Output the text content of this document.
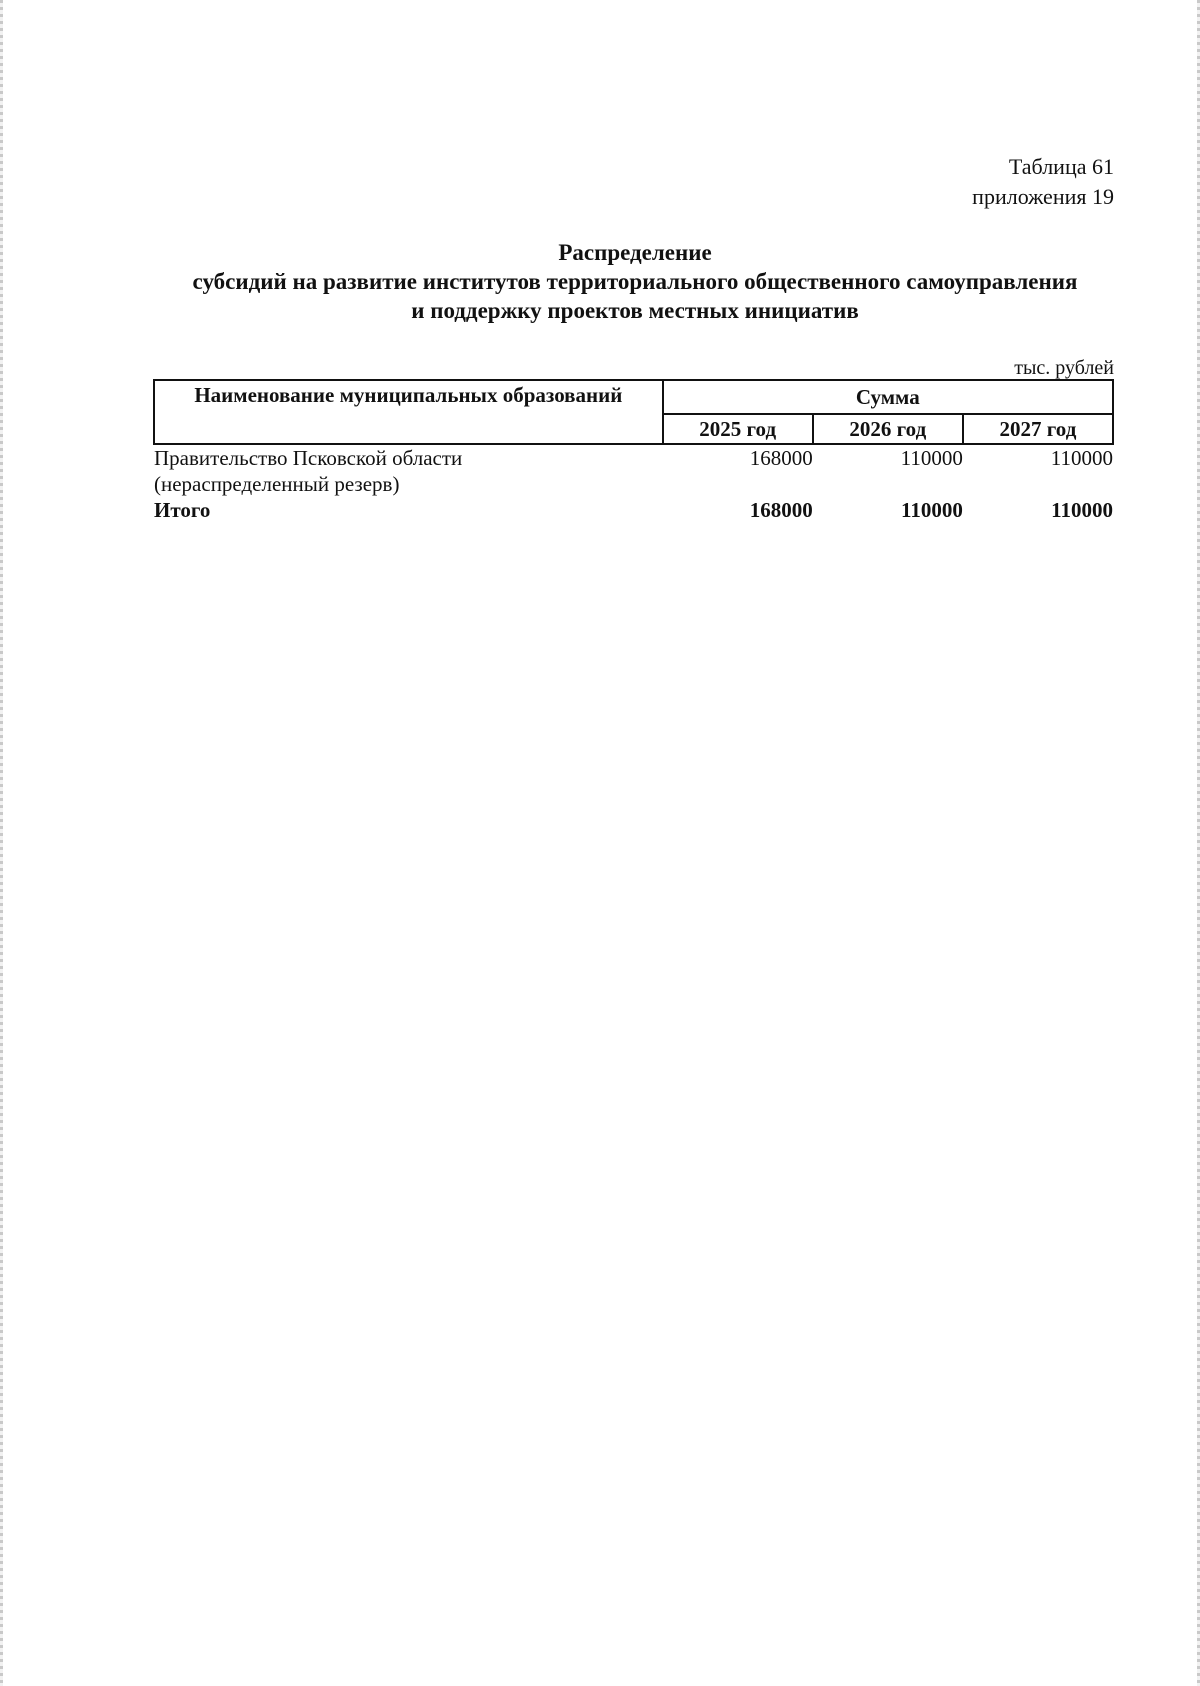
Таблица 61
приложения 19
Распределение
субсидий на развитие институтов территориального общественного самоуправления
и поддержку проектов местных инициатив
тыс. рублей
Наименование муниципальных образований	Сумма		
	2025 год	2026 год	2027 год

Правительство Псковской области
(нераспределенный резерв)	168000	110000	110000
Итого	168000	110000	110000
